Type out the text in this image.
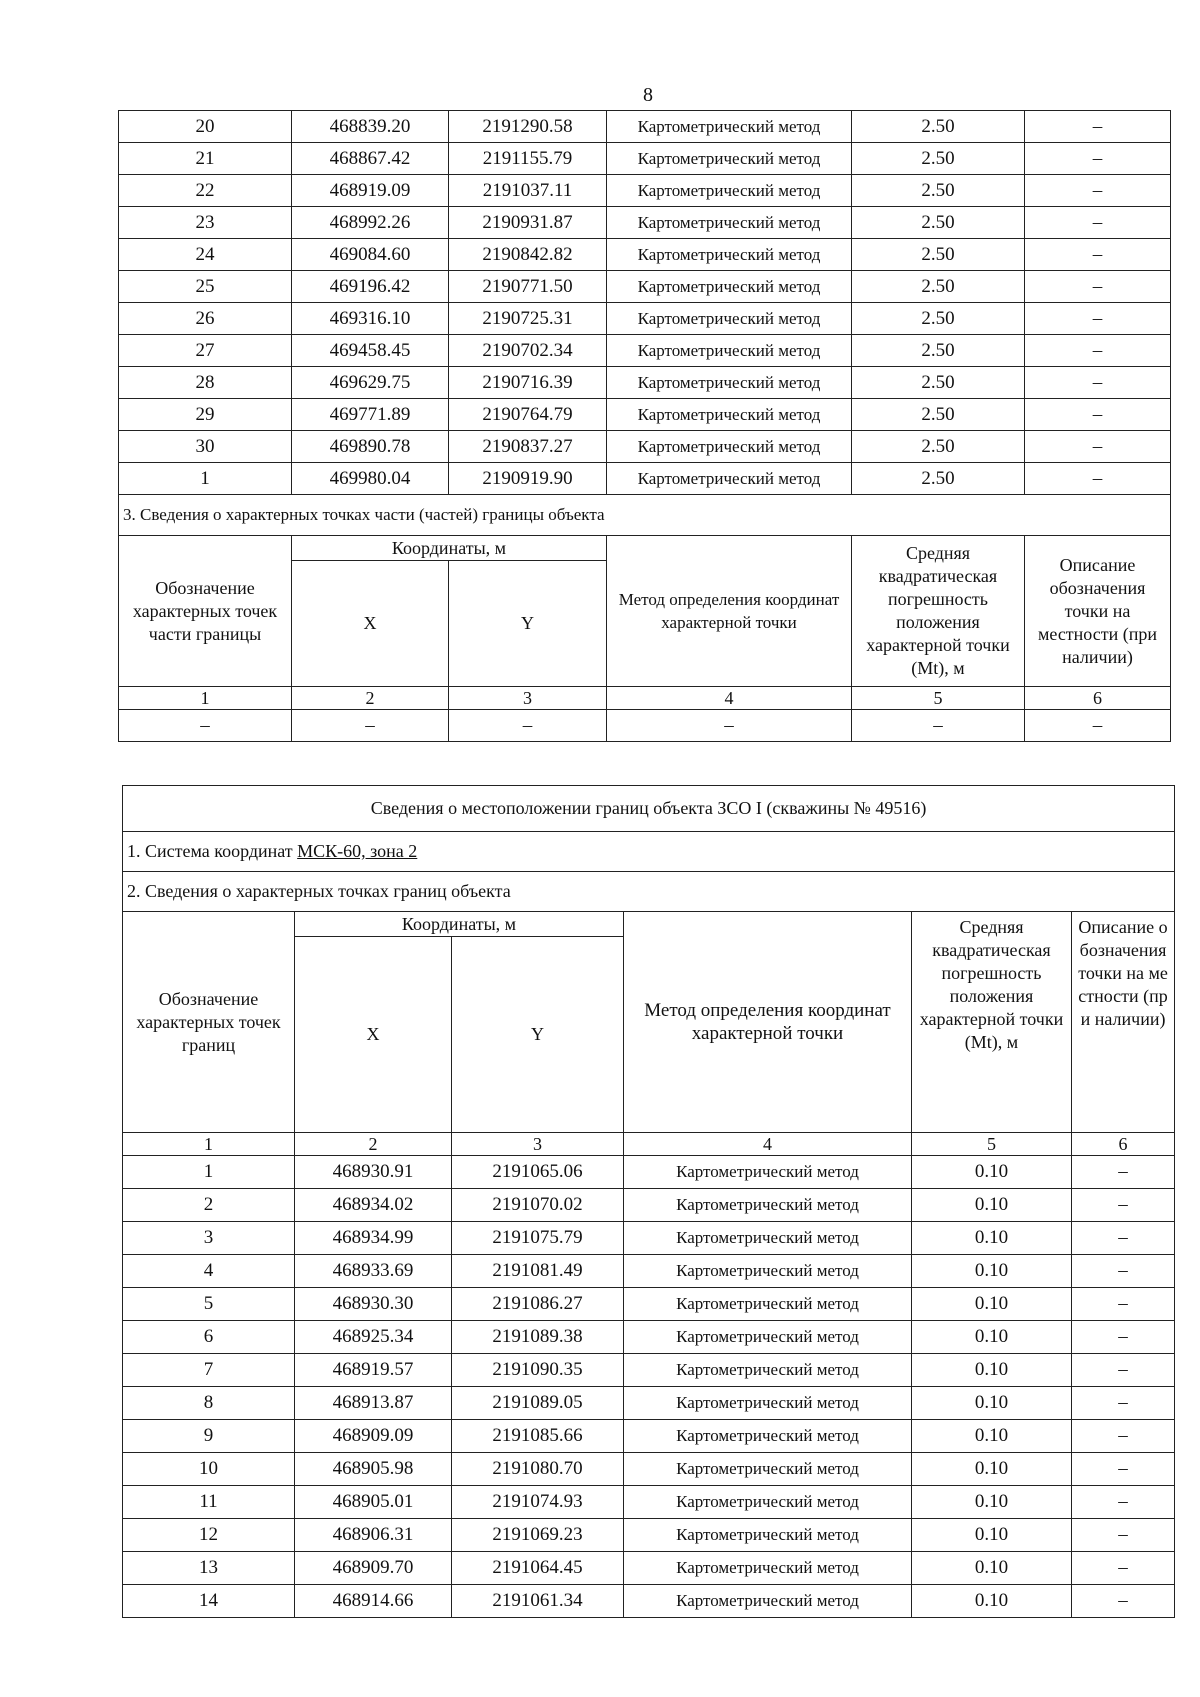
8
20	468839.20	2191290.58	Картометрический метод	2.50	–
21	468867.42	2191155.79	Картометрический метод	2.50	–
22	468919.09	2191037.11	Картометрический метод	2.50	–
23	468992.26	2190931.87	Картометрический метод	2.50	–
24	469084.60	2190842.82	Картометрический метод	2.50	–
25	469196.42	2190771.50	Картометрический метод	2.50	–
26	469316.10	2190725.31	Картометрический метод	2.50	–
27	469458.45	2190702.34	Картометрический метод	2.50	–
28	469629.75	2190716.39	Картометрический метод	2.50	–
29	469771.89	2190764.79	Картометрический метод	2.50	–
30	469890.78	2190837.27	Картометрический метод	2.50	–
1	469980.04	2190919.90	Картометрический метод	2.50	–
3. Сведения о характерных точках части (частей) границы объекта					
Обозначение характерных точек части границы	Координаты, м		Метод определения координат характерной точки	Средняя квадратическая погрешность положения характерной точки (Mt), м	Описание обозначения точки на местности (при наличии)
	X	Y			
1	2	3	4	5	6
–	–	–	–	–	–
Сведения о местоположении границ объекта ЗСО I (скважины № 49516)					
1. Система координат МСК-60, зона 2					
2. Сведения о характерных точках границ объекта					
Обозначение характерных точек границ	Координаты, м		Метод определения координат характерной точки	Средняя квадратическая погрешность положения характерной точки (Mt), м	Описание обозначения точки на местности (при наличии)
	X	Y			
1	2	3	4	5	6
1	468930.91	2191065.06	Картометрический метод	0.10	–
2	468934.02	2191070.02	Картометрический метод	0.10	–
3	468934.99	2191075.79	Картометрический метод	0.10	–
4	468933.69	2191081.49	Картометрический метод	0.10	–
5	468930.30	2191086.27	Картометрический метод	0.10	–
6	468925.34	2191089.38	Картометрический метод	0.10	–
7	468919.57	2191090.35	Картометрический метод	0.10	–
8	468913.87	2191089.05	Картометрический метод	0.10	–
9	468909.09	2191085.66	Картометрический метод	0.10	–
10	468905.98	2191080.70	Картометрический метод	0.10	–
11	468905.01	2191074.93	Картометрический метод	0.10	–
12	468906.31	2191069.23	Картометрический метод	0.10	–
13	468909.70	2191064.45	Картометрический метод	0.10	–
14	468914.66	2191061.34	Картометрический метод	0.10	–
